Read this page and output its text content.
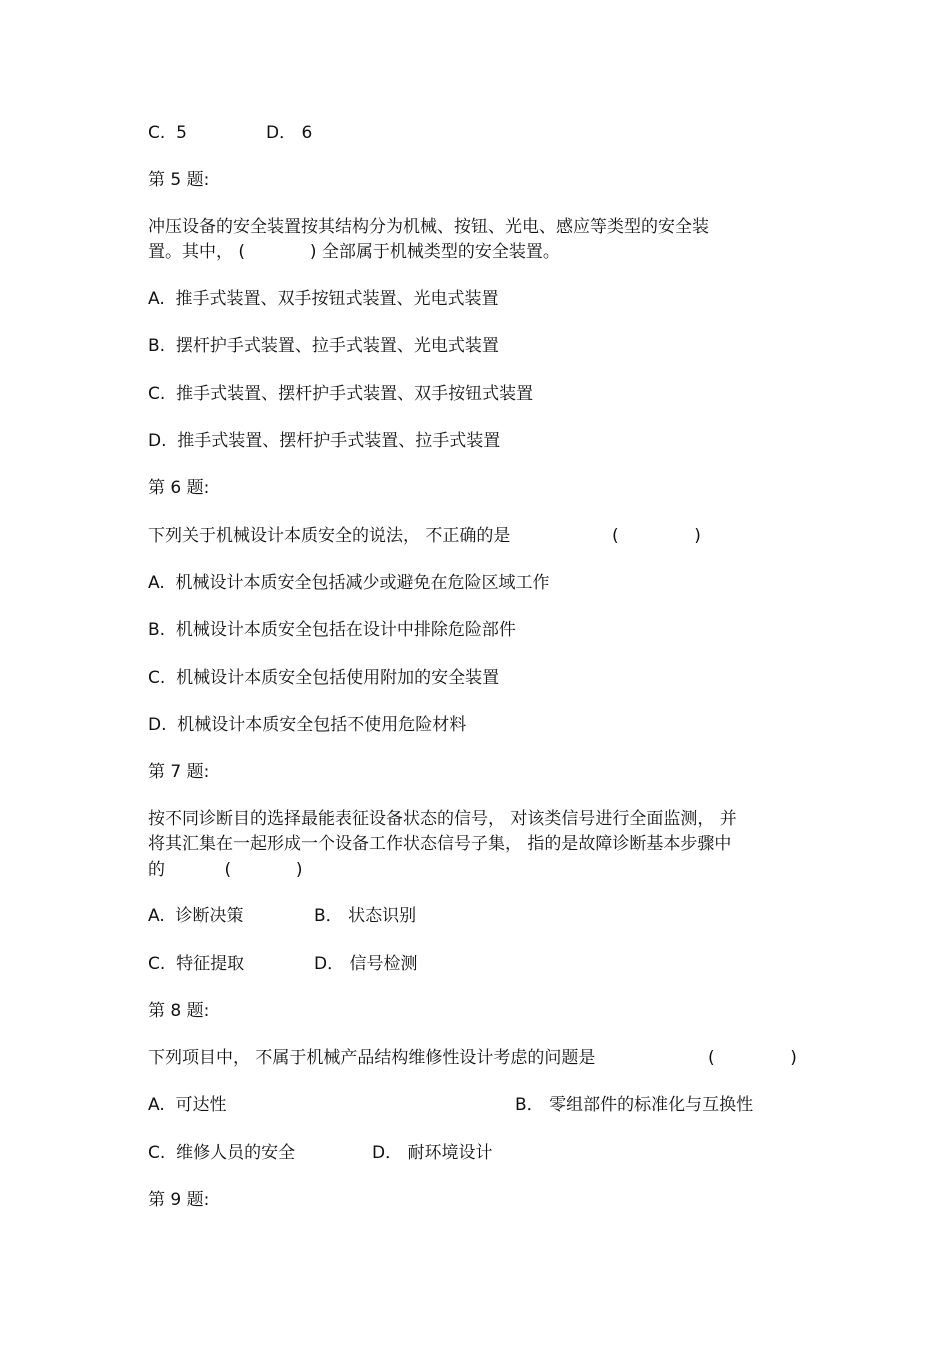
C.  5	D． 6
第 5 题:
冲压设备的安全装置按其结构分为机械、按钮、光电、感应等类型的安全装
置。其中， (            ) 全部属于机械类型的安全装置。
A.  推手式装置、双手按钮式装置、光电式装置
B.  摆杆护手式装置、拉手式装置、光电式装置
C.  推手式装置、摆杆护手式装置、双手按钮式装置
D.  推手式装置、摆杆护手式装置、拉手式装置
第 6 题:
下列关于机械设计本质安全的说法， 不正确的是	(              )
A.  机械设计本质安全包括减少或避免在危险区域工作
B.  机械设计本质安全包括在设计中排除危险部件
C.  机械设计本质安全包括使用附加的安全装置
D.  机械设计本质安全包括不使用危险材料
第 7 题:
按不同诊断目的选择最能表征设备状态的信号， 对该类信号进行全面监测， 并
将其汇集在一起形成一个设备工作状态信号子集， 指的是故障诊断基本步骤中
的           (            )
A.  诊断决策	B． 状态识别
C.  特征提取	D． 信号检测
第 8 题:
下列项目中， 不属于机械产品结构维修性设计考虑的问题是	(              )
A.  可达性	B． 零组部件的标准化与互换性
C.  维修人员的安全	D． 耐环境设计
第 9 题:
